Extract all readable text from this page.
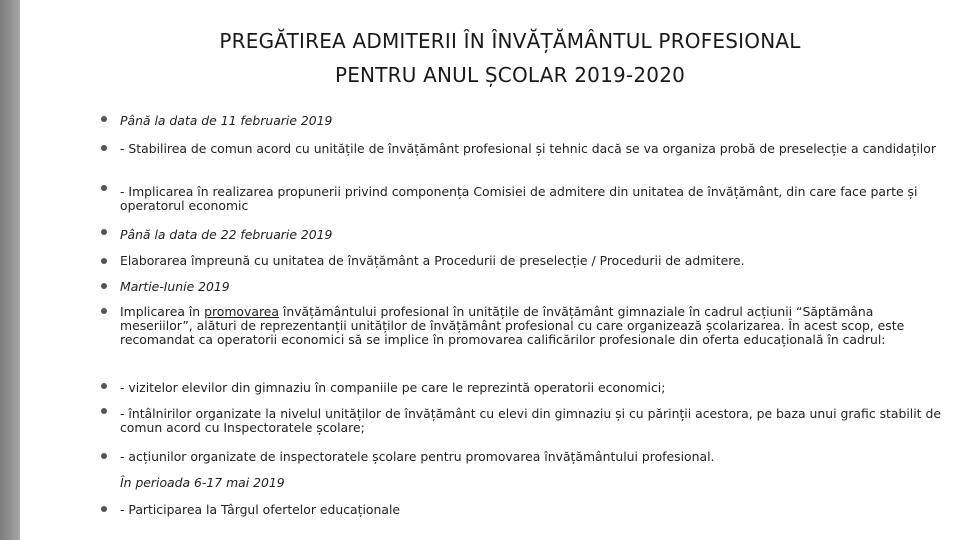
PREGĂTIREA ADMITERII ÎN ÎNVĂȚĂMÂNTUL PROFESIONAL
PENTRU ANUL ȘCOLAR 2019-2020
Până la data de 11 februarie 2019
- Stabilirea de comun acord cu unitățile de învățământ profesional și tehnic dacă se va organiza probă de preselecție a candidaților
- Implicarea în realizarea propunerii privind componența Comisiei de admitere din unitatea de învățământ, din care face parte și operatorul economic
Până la data de 22 februarie 2019
Elaborarea împreună cu unitatea de învățământ a Procedurii de preselecție / Procedurii de admitere.
Martie-Iunie 2019
Implicarea în promovarea învățământului profesional în unitățile de învățământ gimnaziale în cadrul acțiunii “Săptămâna meseriilor”, alături de reprezentanții unităților de învățământ profesional cu care organizează școlarizarea. În acest scop, este recomandat ca operatorii economici să se implice în promovarea calificărilor profesionale din oferta educațională în cadrul:
- vizitelor elevilor din gimnaziu în companiile pe care le reprezintă operatorii economici;
- întâlnirilor organizate la nivelul unităților de învățământ cu elevi din gimnaziu și cu părinții acestora, pe baza unui grafic stabilit de comun acord cu Inspectoratele școlare;
- acțiunilor organizate de inspectoratele școlare pentru promovarea învățământului profesional.
În perioada 6-17 mai 2019
- Participarea la Târgul ofertelor educaționale
